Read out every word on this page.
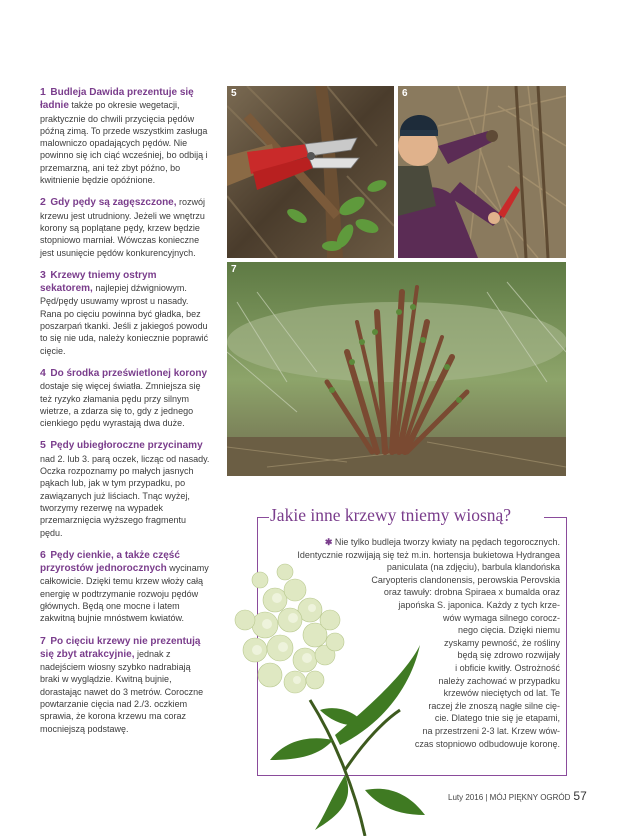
1 Budleja Dawida prezentuje się ładnie także po okresie wegetacji, praktycznie do chwili przycięcia pędów późną zimą. To przede wszystkim zasługa malowniczo opadających pędów. Nie powinno się ich ciąć wcześniej, bo odbiją i przemarzną, ani też zbyt późno, bo kwitnienie będzie opóźnione.

2 Gdy pędy są zagęszczone, rozwój krzewu jest utrudniony. Jeżeli we wnętrzu korony są poplątane pędy, krzew będzie stopniowo marniał. Wówczas konieczne jest usunięcie pędów konkurencyjnych.

3 Krzewy tniemy ostrym sekatorem, najlepiej dźwigniowym. Pęd/pędy usuwamy wprost u nasady. Rana po cięciu powinna być gładka, bez poszarpań tkanki. Jeśli z jakiegoś powodu to się nie uda, należy koniecznie poprawić cięcie.

4 Do środka prześwietlonej korony dostaje się więcej światła. Zmniejsza się też ryzyko złamania pędu przy silnym wietrze, a zdarza się to, gdy z jednego cienkiego pędu wyrastają dwa duże.

5 Pędy ubiegłoroczne przycinamy nad 2. lub 3. parą oczek, licząc od nasady. Oczka rozpoznamy po małych jasnych pąkach lub, jak w tym przypadku, po zawiązanych już liściach. Tnąc wyżej, tworzymy rezerwę na wypadek przemarznięcia wyższego fragmentu pędu.

6 Pędy cienkie, a także część przyrostów jednorocznych wycinamy całkowicie. Dzięki temu krzew włoży całą energię w podtrzymanie rozwoju pędów głównych. Będą one mocne i latem zakwitną bujnie mnóstwem kwiatów.

7 Po cięciu krzewy nie prezentują się zbyt atrakcyjnie, jednak z nadejściem wiosny szybko nadrabiają braki w wyglądzie. Kwitną bujnie, dorastając nawet do 3 metrów. Coroczne powtarzanie cięcia nad 2./3. oczkiem sprawia, że korona krzewu ma coraz mocniejszą podstawę.

5	6
7
Jakie inne krzewy tniemy wiosną?
✱ Nie tylko budleja tworzy kwiaty na pędach tegorocznych.
Identycznie rozwijają się też m.in. hortensja bukietowa Hydrangea
paniculata (na zdjęciu), barbula klandońska
Caryopteris clandonensis, perowskia Perovskia
oraz tawuły: drobna Spiraea x bumalda oraz
japońska S. japonica. Każdy z tych krze-
wów wymaga silnego corocz-
nego cięcia. Dzięki niemu
zyskamy pewność, że rośliny
będą się zdrowo rozwijały
i obficie kwitły. Ostrożność
należy zachować w przypadku
krzewów nieciętych od lat. Te
raczej źle znoszą nagłe silne cię-
cie. Dlatego tnie się je etapami,
na przestrzeni 2-3 lat. Krzew wów-
czas stopniowo odbudowuje koronę.
Luty 2016 | MÓJ PIĘKNY OGRÓD 57
